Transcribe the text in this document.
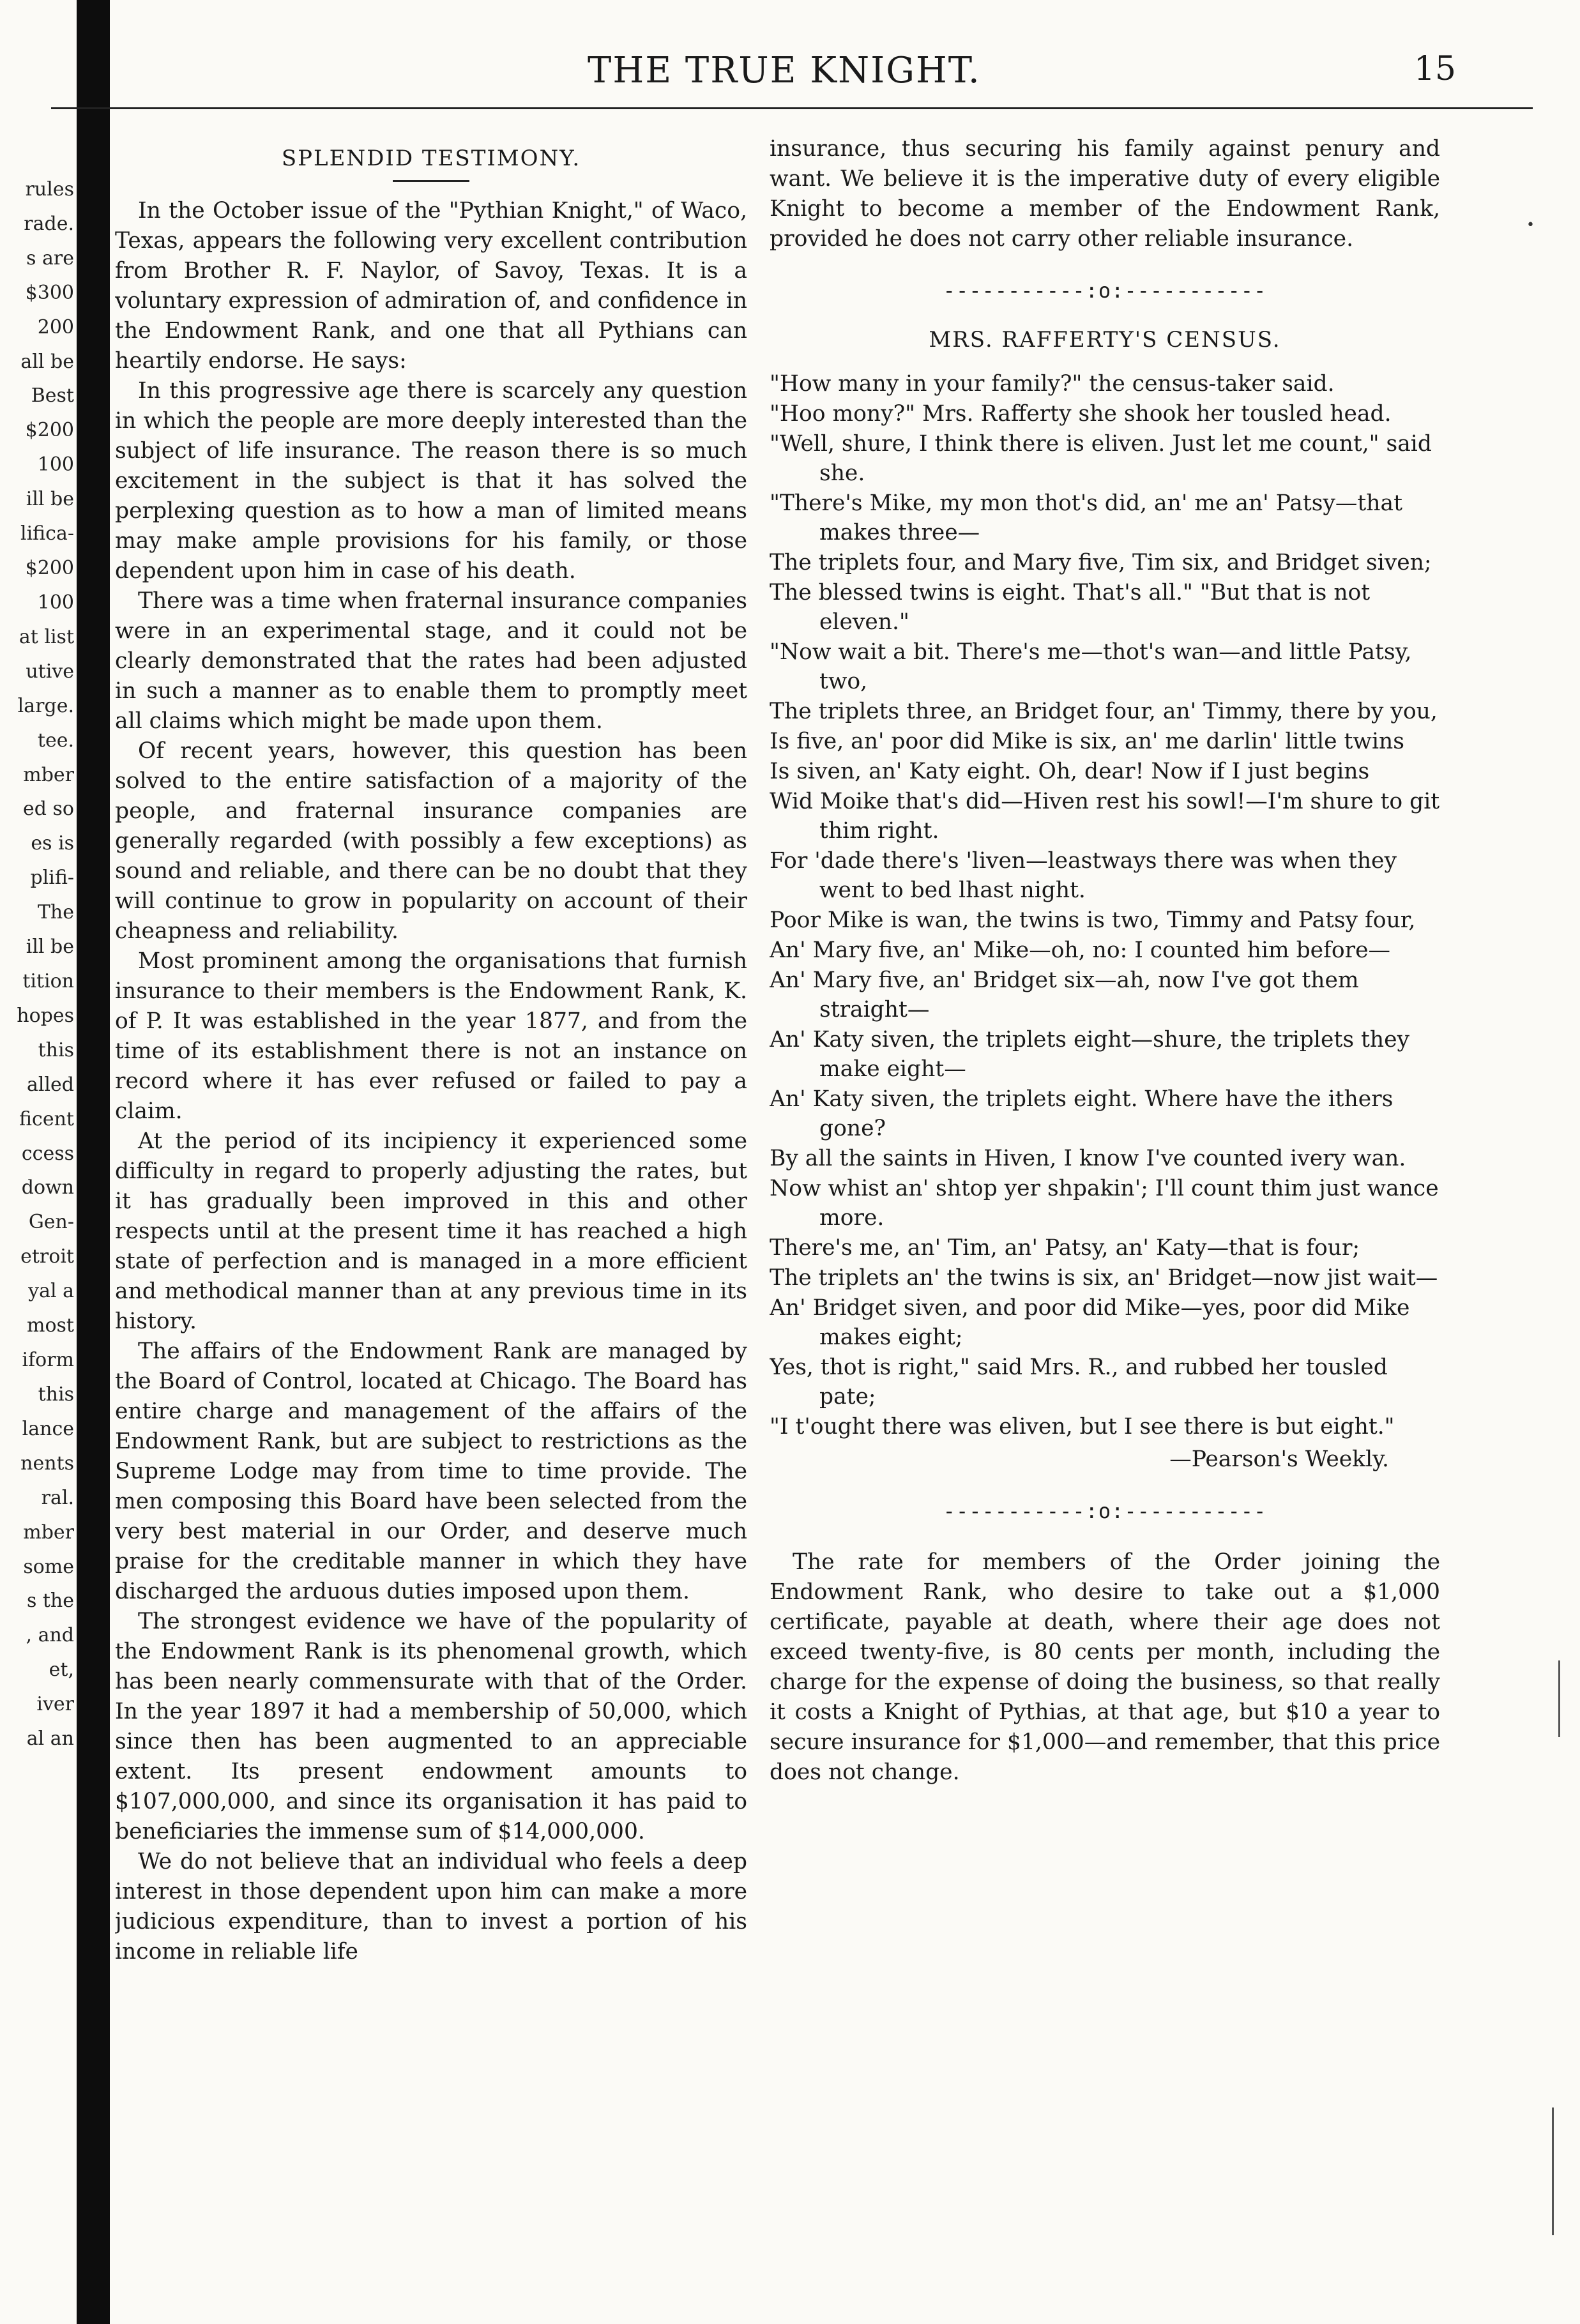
rules
rade.
s are
$300
200
all be
Best
$200
100
ill be
lifica-
$200
100
at list
utive
large.
tee.
mber
ed so
es is
plifi-
The
ill be
tition
hopes
this
alled
ficent
ccess
down
Gen-
etroit
yal a
most
iform
this
lance
nents
ral.
mber
some
s the
, and
et,
iver
al an
THE TRUE KNIGHT.	15
SPLENDID TESTIMONY.

In the October issue of the "Pythian Knight," of Waco, Texas, appears the following very excellent contribution from Brother R. F. Naylor, of Savoy, Texas. It is a voluntary expression of admiration of, and confidence in the Endowment Rank, and one that all Pythians can heartily endorse. He says:

In this progressive age there is scarcely any question in which the people are more deeply interested than the subject of life insurance. The reason there is so much excitement in the subject is that it has solved the perplexing question as to how a man of limited means may make ample provisions for his family, or those dependent upon him in case of his death.

There was a time when fraternal insurance companies were in an experimental stage, and it could not be clearly demonstrated that the rates had been adjusted in such a manner as to enable them to promptly meet all claims which might be made upon them.

Of recent years, however, this question has been solved to the entire satisfaction of a majority of the people, and fraternal insurance companies are generally regarded (with possibly a few exceptions) as sound and reliable, and there can be no doubt that they will continue to grow in popularity on account of their cheapness and reliability.

Most prominent among the organisations that furnish insurance to their members is the Endowment Rank, K. of P. It was established in the year 1877, and from the time of its establishment there is not an instance on record where it has ever refused or failed to pay a claim.

At the period of its incipiency it experienced some difficulty in regard to properly adjusting the rates, but it has gradually been improved in this and other respects until at the present time it has reached a high state of perfection and is managed in a more efficient and methodical manner than at any previous time in its history.

The affairs of the Endowment Rank are managed by the Board of Control, located at Chicago. The Board has entire charge and management of the affairs of the Endowment Rank, but are subject to restrictions as the Supreme Lodge may from time to time provide. The men composing this Board have been selected from the very best material in our Order, and deserve much praise for the creditable manner in which they have discharged the arduous duties imposed upon them.

The strongest evidence we have of the popularity of the Endowment Rank is its phenomenal growth, which has been nearly commensurate with that of the Order. In the year 1897 it had a membership of 50,000, which since then has been augmented to an appreciable extent. Its present endowment amounts to $107,000,000, and since its organisation it has paid to beneficiaries the immense sum of $14,000,000.

We do not believe that an individual who feels a deep interest in those dependent upon him can make a more judicious expenditure, than to invest a portion of his income in reliable life

insurance, thus securing his family against penury and want. We believe it is the imperative duty of every eligible Knight to become a member of the Endowment Rank, provided he does not carry other reliable insurance.

-----------:o:-----------
MRS. RAFFERTY'S CENSUS.

"How many in your family?" the census-taker said.

"Hoo mony?" Mrs. Rafferty she shook her tousled head.

"Well, shure, I think there is eliven. Just let me count," said she.

"There's Mike, my mon thot's did, an' me an' Patsy—that makes three—

The triplets four, and Mary five, Tim six, and Bridget siven;

The blessed twins is eight. That's all." "But that is not eleven."

"Now wait a bit. There's me—thot's wan—and little Patsy, two,

The triplets three, an Bridget four, an' Timmy, there by you,

Is five, an' poor did Mike is six, an' me darlin' little twins

Is siven, an' Katy eight. Oh, dear! Now if I just begins

Wid Moike that's did—Hiven rest his sowl!—I'm shure to git thim right.

For 'dade there's 'liven—leastways there was when they went to bed lhast night.

Poor Mike is wan, the twins is two, Timmy and Patsy four,

An' Mary five, an' Mike—oh, no: I counted him before—

An' Mary five, an' Bridget six—ah, now I've got them straight—

An' Katy siven, the triplets eight—shure, the triplets they make eight—

An' Katy siven, the triplets eight. Where have the ithers gone?

By all the saints in Hiven, I know I've counted ivery wan.

Now whist an' shtop yer shpakin'; I'll count thim just wance more.

There's me, an' Tim, an' Patsy, an' Katy—that is four;

The triplets an' the twins is six, an' Bridget—now jist wait—

An' Bridget siven, and poor did Mike—yes, poor did Mike makes eight;

Yes, thot is right," said Mrs. R., and rubbed her tousled pate;

"I t'ought there was eliven, but I see there is but eight."

—Pearson's Weekly.
-----------:o:-----------

The rate for members of the Order joining the Endowment Rank, who desire to take out a $1,000 certificate, payable at death, where their age does not exceed twenty-five, is 80 cents per month, including the charge for the expense of doing the business, so that really it costs a Knight of Pythias, at that age, but $10 a year to secure insurance for $1,000—and remember, that this price does not change.

•
